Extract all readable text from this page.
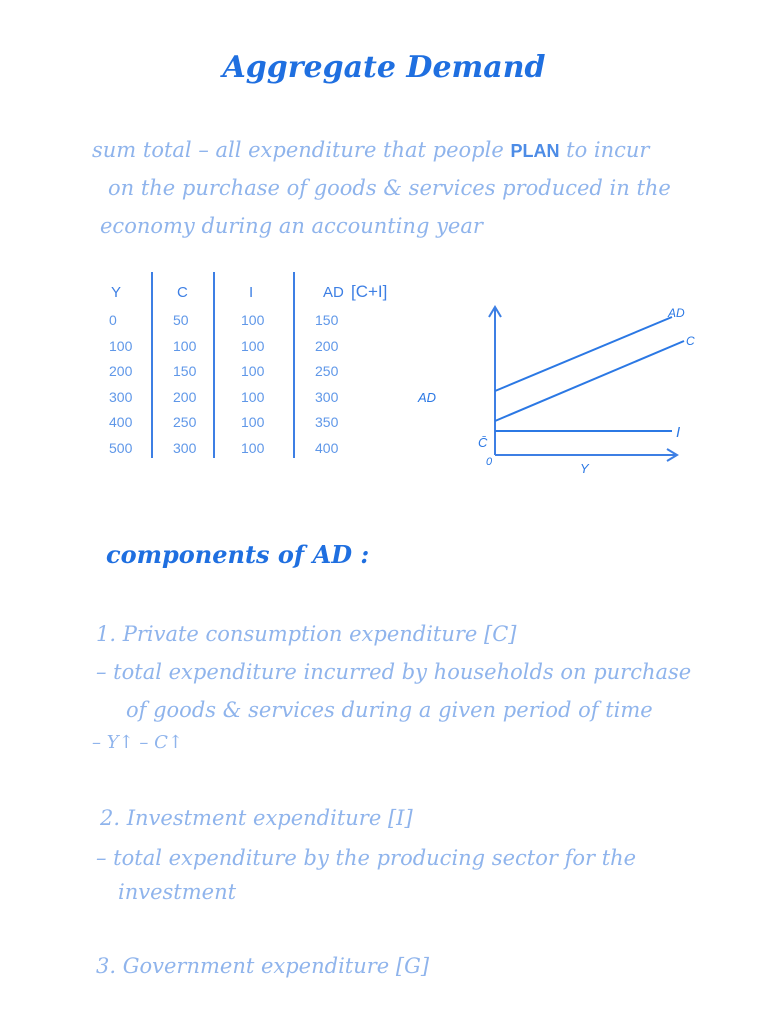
Aggregate Demand
sum total – all expenditure that people PLAN to incur
on the purchase of goods & services produced in the
economy during an accounting year
Y	C	I	AD [C+I]
0	50	100	150
100	100	100	200
200	150	100	250
300	200	100	300
400	250	100	350
500	300	100	400
AD
C
I
AD
Y
0
C̄
components of AD :
1. Private consumption expenditure [C]
– total expenditure incurred by households on purchase
of goods & services during a given period of time
– Y↑ – C↑
2. Investment expenditure [I]
– total expenditure by the producing sector for the
investment
3. Government expenditure [G]
